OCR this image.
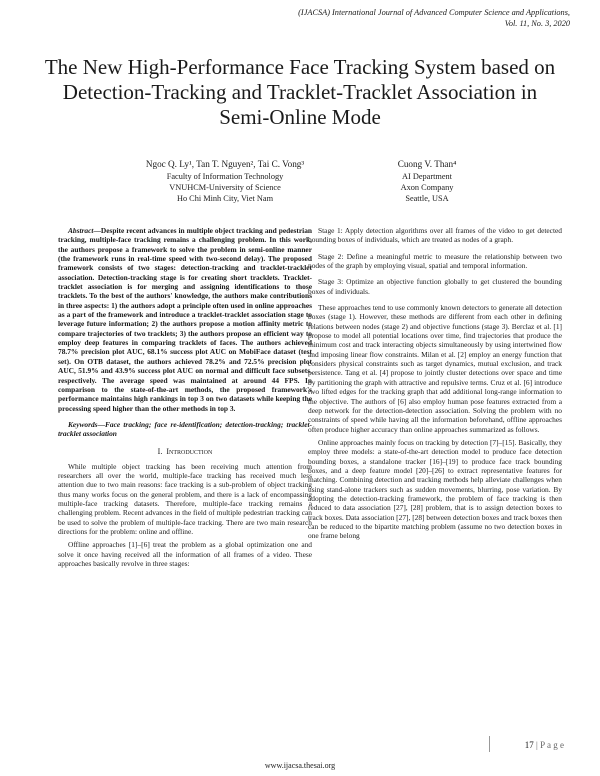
(IJACSA) International Journal of Advanced Computer Science and Applications,
Vol. 11, No. 3, 2020
The New High-Performance Face Tracking System based on Detection-Tracking and Tracklet-Tracklet Association in Semi-Online Mode
Ngoc Q. Ly¹, Tan T. Nguyen², Tai C. Vong³
Faculty of Information Technology
VNUHCM-University of Science
Ho Chi Minh City, Viet Nam
Cuong V. Than⁴
AI Department
Axon Company
Seattle, USA

Abstract—Despite recent advances in multiple object tracking and pedestrian tracking, multiple-face tracking remains a challenging problem. In this work, the authors propose a framework to solve the problem in semi-online manner (the framework runs in real-time speed with two-second delay). The proposed framework consists of two stages: detection-tracking and tracklet-tracklet association. Detection-tracking stage is for creating short tracklets. Tracklet-tracklet association is for merging and assigning identifications to those tracklets. To the best of the authors' knowledge, the authors make contributions in three aspects: 1) the authors adopt a principle often used in online approaches as a part of the framework and introduce a tracklet-tracklet association stage to leverage future information; 2) the authors propose a motion affinity metric to compare trajectories of two tracklets; 3) the authors propose an efficient way to employ deep features in comparing tracklets of faces. The authors achieved 78.7% precision plot AUC, 68.1% success plot AUC on MobiFace dataset (test set). On OTB dataset, the authors achieved 78.2% and 72.5% precision plot AUC, 51.9% and 43.9% success plot AUC on normal and difficult face subsets, respectively. The average speed was maintained at around 44 FPS. In comparison to the state-of-the-art methods, the proposed framework's performance maintains high rankings in top 3 on two datasets while keeping the processing speed higher than the other methods in top 3.

Keywords—Face tracking; face re-identification; detection-tracking; tracklet-tracklet association

I. Introduction

While multiple object tracking has been receiving much attention from researchers all over the world, multiple-face tracking has received much less attention due to two main reasons: face tracking is a sub-problem of object tracking thus many works focus on the general problem, and there is a lack of encompassing multiple-face tracking datasets. Therefore, multiple-face tracking remains a challenging problem. Recent advances in the field of multiple pedestrian tracking can be used to solve the problem of multiple-face tracking. There are two main research directions for the problem: online and offline.

Offline approaches [1]–[6] treat the problem as a global optimization one and solve it once having received all the information of all frames of a video. These approaches basically revolve in three stages:

Stage 1: Apply detection algorithms over all frames of the video to get detected bounding boxes of individuals, which are treated as nodes of a graph.

Stage 2: Define a meaningful metric to measure the relationship between two nodes of the graph by employing visual, spatial and temporal information.

Stage 3: Optimize an objective function globally to get clustered the bounding boxes of individuals.

These approaches tend to use commonly known detectors to generate all detection boxes (stage 1). However, these methods are different from each other in defining relations between nodes (stage 2) and objective functions (stage 3). Berclaz et al. [1] propose to model all potential locations over time, find trajectories that produce the minimum cost and track interacting objects simultaneously by using intertwined flow and imposing linear flow constraints. Milan et al. [2] employ an energy function that considers physical constraints such as target dynamics, mutual exclusion, and track persistence. Tang et al. [4] propose to jointly cluster detections over space and time by partitioning the graph with attractive and repulsive terms. Cruz et al. [6] introduce two lifted edges for the tracking graph that add additional long-range information to the objective. The authors of [6] also employ human pose features extracted from a deep network for the detection-detection association. Solving the problem with no constraints of speed while having all the information beforehand, offline approaches often produce higher accuracy than online approaches summarized as follows.

Online approaches mainly focus on tracking by detection [7]–[15]. Basically, they employ three models: a state-of-the-art detection model to produce face detection bounding boxes, a standalone tracker [16]–[19] to produce face track bounding boxes, and a deep feature model [20]–[26] to extract representative features for matching. Combining detection and tracking methods help alleviate challenges when using stand-alone trackers such as sudden movements, blurring, pose variation. By adopting the detection-tracking framework, the problem of face tracking is then reduced to data association [27], [28] problem, that is to assign detection boxes to track boxes. Data association [27], [28] between detection boxes and track boxes then can be reduced to the bipartite matching problem (assume no two detection boxes in one frame belong

17 | P a g e
www.ijacsa.thesai.org
